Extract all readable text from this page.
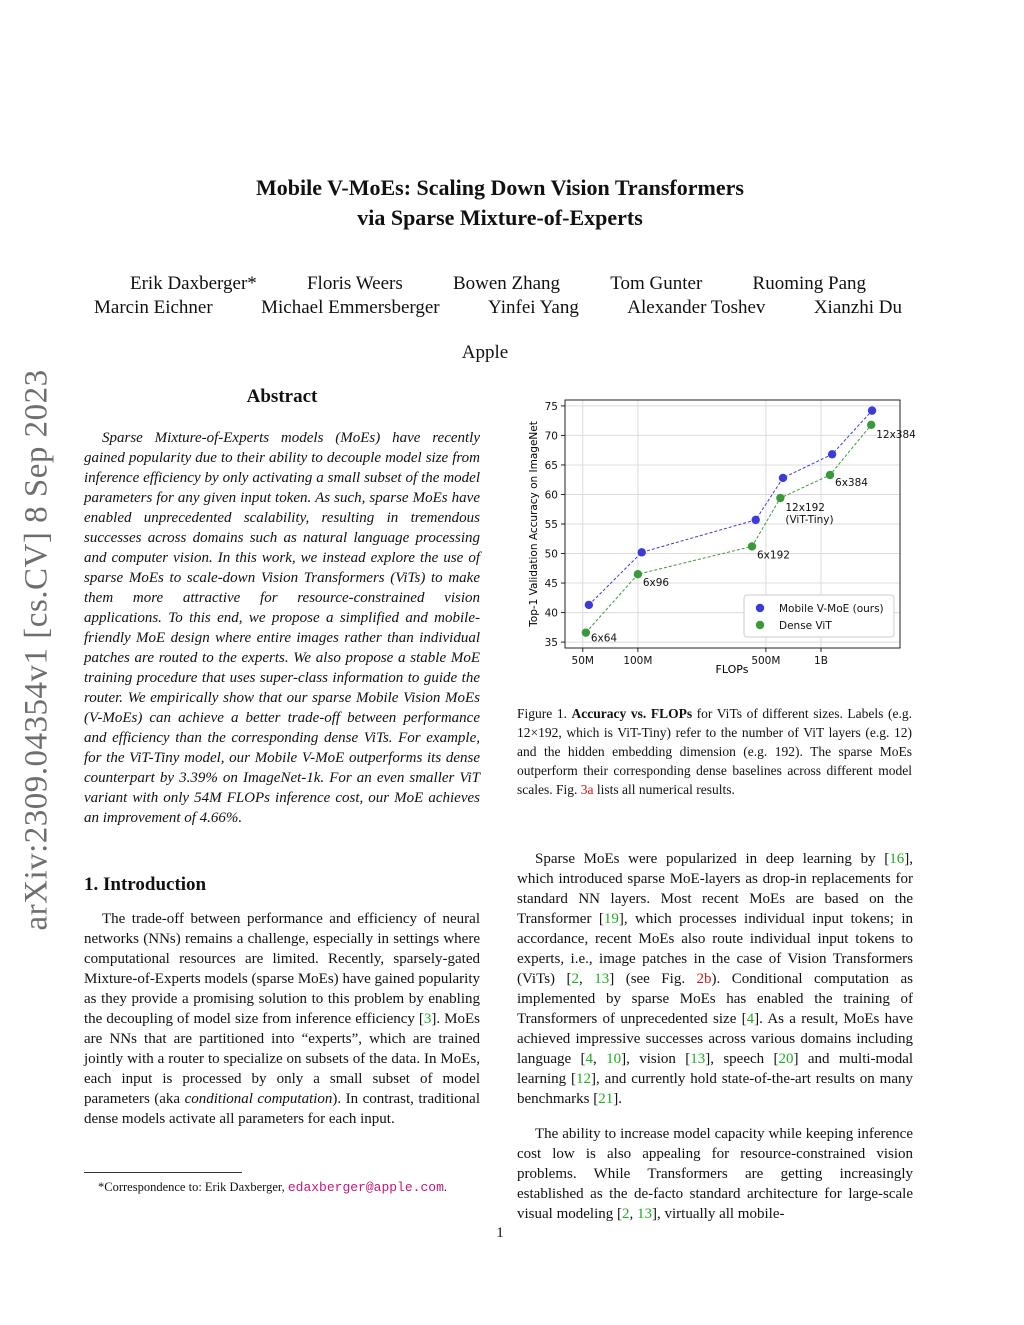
arXiv:2309.04354v1 [cs.CV] 8 Sep 2023
Mobile V-MoEs: Scaling Down Vision Transformers
via Sparse Mixture-of-Experts
Erik Daxberger*	Floris Weers	Bowen Zhang	Tom Gunter	Ruoming Pang
Marcin Eichner	Michael Emmersberger	Yinfei Yang	Alexander Toshev	Xianzhi Du
Apple
Abstract

Sparse Mixture-of-Experts models (MoEs) have recently gained popularity due to their ability to decouple model size from inference efficiency by only activating a small subset of the model parameters for any given input token. As such, sparse MoEs have enabled unprecedented scalability, resulting in tremendous successes across domains such as natural language processing and computer vision. In this work, we instead explore the use of sparse MoEs to scale-down Vision Transformers (ViTs) to make them more attractive for resource-constrained vision applications. To this end, we propose a simplified and mobile-friendly MoE design where entire images rather than individual patches are routed to the experts. We also propose a stable MoE training procedure that uses super-class information to guide the router. We empirically show that our sparse Mobile Vision MoEs (V-MoEs) can achieve a better trade-off between performance and efficiency than the corresponding dense ViTs. For example, for the ViT-Tiny model, our Mobile V-MoE outperforms its dense counterpart by 3.39% on ImageNet-1k. For an even smaller ViT variant with only 54M FLOPs inference cost, our MoE achieves an improvement of 4.66%.

1. Introduction

The trade-off between performance and efficiency of neural networks (NNs) remains a challenge, especially in settings where computational resources are limited. Recently, sparsely-gated Mixture-of-Experts models (sparse MoEs) have gained popularity as they provide a promising solution to this problem by enabling the decoupling of model size from inference efficiency [3]. MoEs are NNs that are partitioned into “experts”, which are trained jointly with a router to specialize on subsets of the data. In MoEs, each input is processed by only a small subset of model parameters (aka conditional computation). In contrast, traditional dense models activate all parameters for each input.

*Correspondence to: Erik Daxberger, edaxberger@apple.com.
35
40
45
50
55
60
65
70
75
50M	100M	500M	1B
6x64
6x96
6x192
12x192
(ViT-Tiny)
6x384
12x384
Mobile V-MoE (ours)
Dense ViT
FLOPs
Top-1 Validation Accuracy on ImageNet
Figure 1. Accuracy vs. FLOPs for ViTs of different sizes. Labels (e.g. 12×192, which is ViT-Tiny) refer to the number of ViT layers (e.g. 12) and the hidden embedding dimension (e.g. 192). The sparse MoEs outperform their corresponding dense baselines across different model scales. Fig. 3a lists all numerical results.

Sparse MoEs were popularized in deep learning by [16], which introduced sparse MoE-layers as drop-in replacements for standard NN layers. Most recent MoEs are based on the Transformer [19], which processes individual input tokens; in accordance, recent MoEs also route individual input tokens to experts, i.e., image patches in the case of Vision Transformers (ViTs) [2, 13] (see Fig. 2b). Conditional computation as implemented by sparse MoEs has enabled the training of Transformers of unprecedented size [4]. As a result, MoEs have achieved impressive successes across various domains including language [4, 10], vision [13], speech [20] and multi-modal learning [12], and currently hold state-of-the-art results on many benchmarks [21].

The ability to increase model capacity while keeping inference cost low is also appealing for resource-constrained vision problems. While Transformers are getting increasingly established as the de-facto standard architecture for large-scale visual modeling [2, 13], virtually all mobile-

1
